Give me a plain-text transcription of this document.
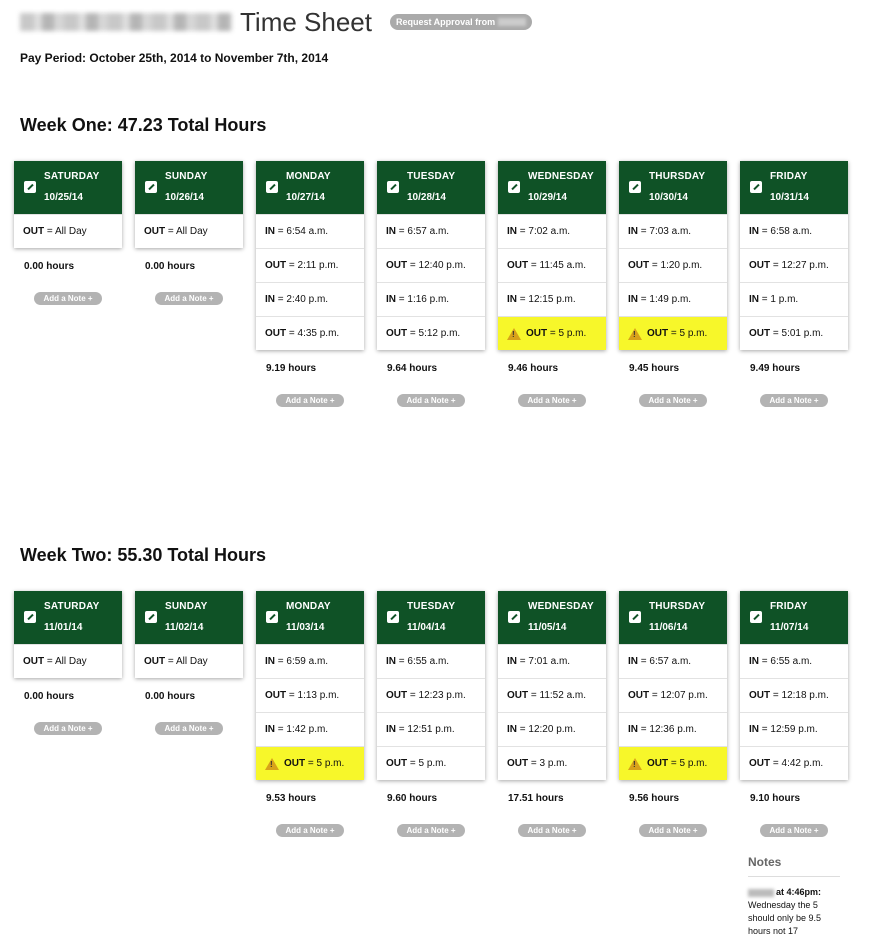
Time Sheet	Request Approval from
Pay Period: October 25th, 2014 to November 7th, 2014
Week One: 47.23 Total Hours
SATURDAY
10/25/14
OUT = All Day
0.00 hours
Add a Note +
SUNDAY
10/26/14
OUT = All Day
0.00 hours
Add a Note +
MONDAY
10/27/14
IN = 6:54 a.m.
OUT = 2:11 p.m.
IN = 2:40 p.m.
OUT = 4:35 p.m.
9.19 hours
Add a Note +
TUESDAY
10/28/14
IN = 6:57 a.m.
OUT = 12:40 p.m.
IN = 1:16 p.m.
OUT = 5:12 p.m.
9.64 hours
Add a Note +
WEDNESDAY
10/29/14
IN = 7:02 a.m.
OUT = 11:45 a.m.
IN = 12:15 p.m.
!
OUT = 5 p.m.
9.46 hours
Add a Note +
THURSDAY
10/30/14
IN = 7:03 a.m.
OUT = 1:20 p.m.
IN = 1:49 p.m.
!
OUT = 5 p.m.
9.45 hours
Add a Note +
FRIDAY
10/31/14
IN = 6:58 a.m.
OUT = 12:27 p.m.
IN = 1 p.m.
OUT = 5:01 p.m.
9.49 hours
Add a Note +
Week Two: 55.30 Total Hours
SATURDAY
11/01/14
OUT = All Day
0.00 hours
Add a Note +
SUNDAY
11/02/14
OUT = All Day
0.00 hours
Add a Note +
MONDAY
11/03/14
IN = 6:59 a.m.
OUT = 1:13 p.m.
IN = 1:42 p.m.
!
OUT = 5 p.m.
9.53 hours
Add a Note +
TUESDAY
11/04/14
IN = 6:55 a.m.
OUT = 12:23 p.m.
IN = 12:51 p.m.
OUT = 5 p.m.
9.60 hours
Add a Note +
WEDNESDAY
11/05/14
IN = 7:01 a.m.
OUT = 11:52 a.m.
IN = 12:20 p.m.
OUT = 3 p.m.
17.51 hours
Add a Note +
THURSDAY
11/06/14
IN = 6:57 a.m.
OUT = 12:07 p.m.
IN = 12:36 p.m.
!
OUT = 5 p.m.
9.56 hours
Add a Note +
FRIDAY
11/07/14
IN = 6:55 a.m.
OUT = 12:18 p.m.
IN = 12:59 p.m.
OUT = 4:42 p.m.
9.10 hours
Add a Note +
Notes
at 4:46pm:
Wednesday the 5 should only be 9.5 hours not 17
